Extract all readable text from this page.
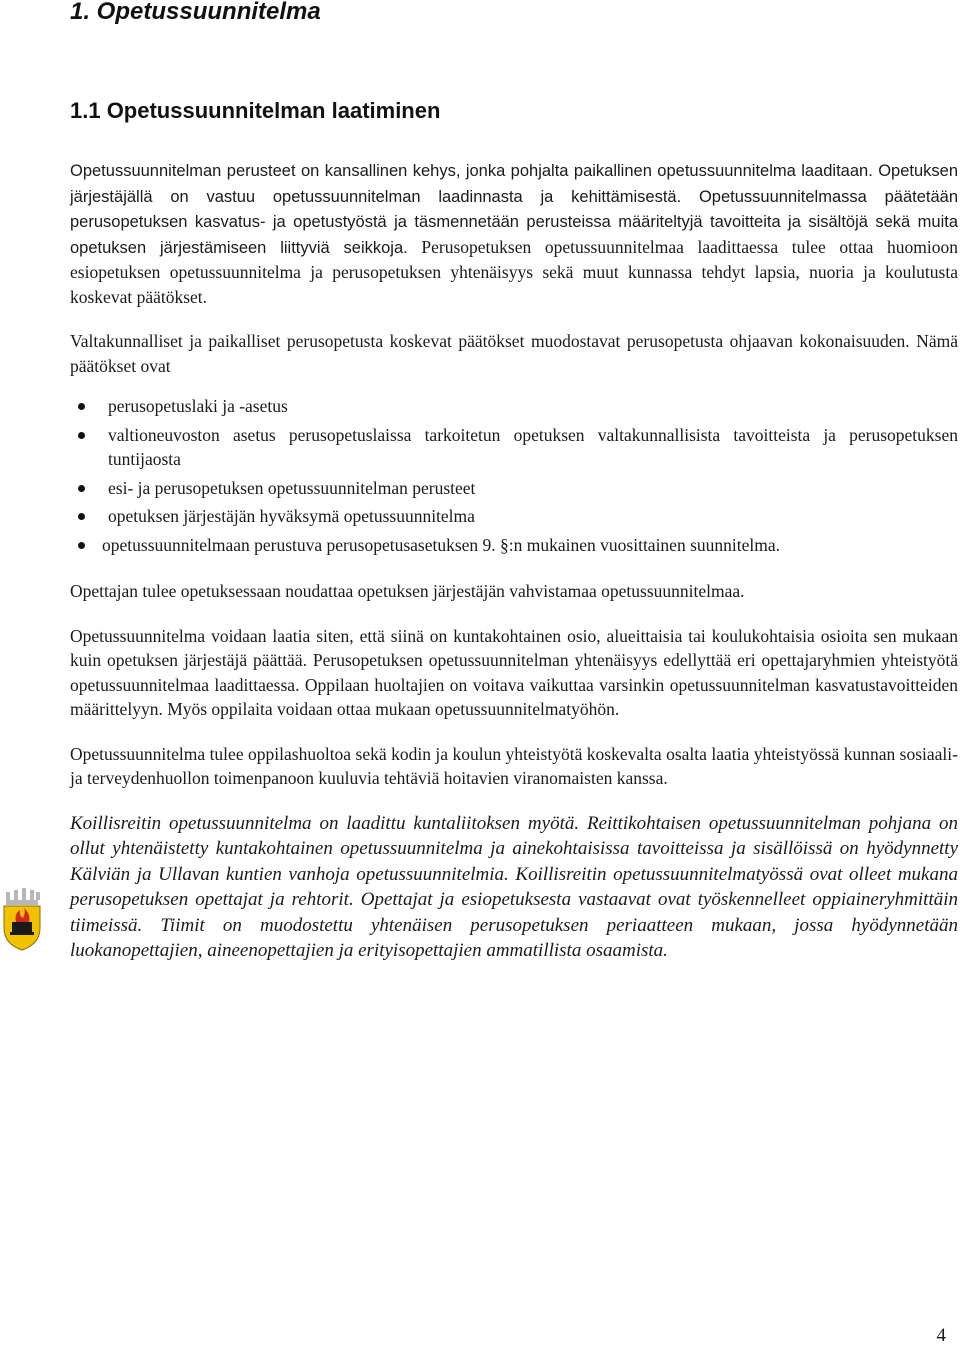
1. Opetussuunnitelma
1.1 Opetussuunnitelman laatiminen

Opetussuunnitelman perusteet on kansallinen kehys, jonka pohjalta paikallinen opetussuunnitelma laaditaan. Opetuksen järjestäjällä on vastuu opetussuunnitelman laadinnasta ja kehittämisestä. Opetussuunnitelmassa päätetään perusopetuksen kasvatus- ja opetustyöstä ja täsmennetään perusteissa määriteltyjä tavoitteita ja sisältöjä sekä muita opetuksen järjestämiseen liittyviä seikkoja. Perusopetuksen opetussuunnitelmaa laadittaessa tulee ottaa huomioon esiopetuksen opetussuunnitelma ja perusopetuksen yhtenäisyys sekä muut kunnassa tehdyt lapsia, nuoria ja koulutusta koskevat päätökset.

Valtakunnalliset ja paikalliset perusopetusta koskevat päätökset muodostavat perusopetusta ohjaavan kokonaisuuden. Nämä päätökset ovat

perusopetuslaki ja -asetus
valtioneuvoston asetus perusopetuslaissa tarkoitetun opetuksen valtakunnallisista tavoitteista ja perusopetuksen tuntijaosta
esi- ja perusopetuksen opetussuunnitelman perusteet
opetuksen järjestäjän hyväksymä opetussuunnitelma
opetussuunnitelmaan perustuva perusopetusasetuksen 9. §:n mukainen vuosittainen suunnitelma.

Opettajan tulee opetuksessaan noudattaa opetuksen järjestäjän vahvistamaa opetussuunnitelmaa.

Opetussuunnitelma voidaan laatia siten, että siinä on kuntakohtainen osio, alueittaisia tai koulukohtaisia osioita sen mukaan kuin opetuksen järjestäjä päättää. Perusopetuksen opetussuunnitelman yhtenäisyys edellyttää eri opettajaryhmien yhteistyötä opetussuunnitelmaa laadittaessa. Oppilaan huoltajien on voitava vaikuttaa varsinkin opetussuunnitelman kasvatustavoitteiden määrittelyyn. Myös oppilaita voidaan ottaa mukaan opetussuunnitelmatyöhön.

Opetussuunnitelma tulee oppilashuoltoa sekä kodin ja koulun yhteistyötä koskevalta osalta laatia yhteistyössä kunnan sosiaali- ja terveydenhuollon toimenpanoon kuuluvia tehtäviä hoitavien viranomaisten kanssa.

Koillisreitin opetussuunnitelma on laadittu kuntaliitoksen myötä. Reittikohtaisen opetussuunnitelman pohjana on ollut yhtenäistetty kuntakohtainen opetussuunnitelma ja ainekohtaisissa tavoitteissa ja sisällöissä on hyödynnetty Kälviän ja Ullavan kuntien vanhoja opetussuunnitelmia. Koillisreitin opetussuunnitelmatyössä ovat olleet mukana perusopetuksen opettajat ja rehtorit. Opettajat ja esiopetuksesta vastaavat ovat työskennelleet oppiaineryhmittäin tiimeissä. Tiimit on muodostettu yhtenäisen perusopetuksen periaatteen mukaan, jossa hyödynnetään luokanopettajien, aineenopettajien ja erityisopettajien ammatillista osaamista.

4
